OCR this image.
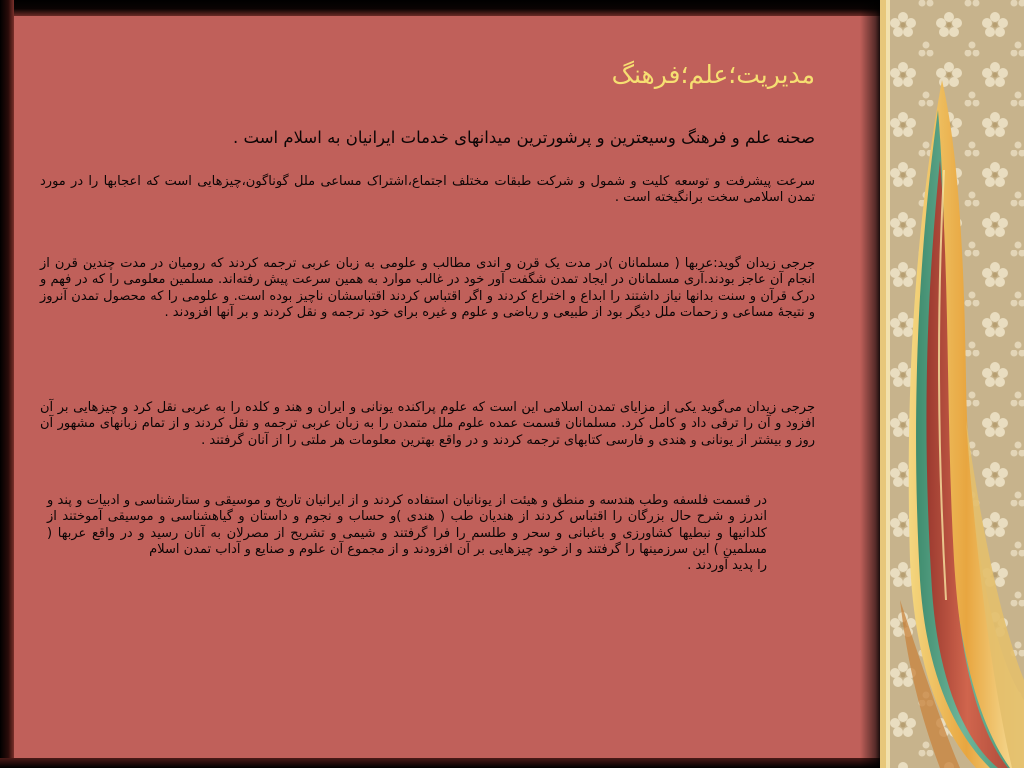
مدیریت؛علم؛فرهنگ

صحنه علم و فرهنگ وسیعترین و پرشورترین میدانهای خدمات ایرانیان به اسلام است .

سرعت پیشرفت و توسعه کلیت و شمول و شرکت طبقات مختلف اجتماع،اشتراک مساعی ملل گوناگون،چیزهایی است که اعجابها را در مورد تمدن اسلامی سخت برانگیخته است .

جرجی زیدان گوید:عربها ( مسلمانان )در مدت یک قرن و اندی مطالب و علومی به زبان عربی ترجمه کردند که رومیان در مدت چندین قرن از انجام آن عاجز بودند.آری مسلمانان در ایجاد تمدن شگفت آور خود در غالب موارد به همین سرعت پیش رفته‌اند. مسلمین معلومی را که در فهم و درک قرآن و سنت بدانها نیاز داشتند را ابداع و اختراع کردند و اگر اقتباس کردند اقتباسشان ناچیز بوده است. و علومی را که محصول تمدن آنروز و نتیجهٔ مساعی و زحمات ملل دیگر بود از طبیعی و ریاضی و علوم و غیره برای خود ترجمه و نقل کردند و بر آنها افزودند .

جرجی زیدان می‌گوید یکی از مزایای تمدن اسلامی این است که علوم پراکنده یونانی و ایران و هند و کلده را به عربی نقل کرد و چیزهایی بر آن افزود و آن را ترقی داد و کامل کرد. مسلمانان قسمت عمده علوم ملل متمدن را به زبان عربی ترجمه و نقل کردند و از تمام زبانهای مشهور آن روز و بیشتر از یونانی و هندی و فارسی کتابهای ترجمه کردند و در واقع بهترین معلومات هر ملتی را از آنان گرفتند .

در قسمت فلسفه وطب هندسه و منطق و هیئت از یونانیان استفاده کردند و از ایرانیان تاریخ و موسیقی و ستارشناسی و ادبیات و پند و اندرز و شرح حال بزرگان را اقتباس کردند از هندیان طب ( هندی )و حساب و نجوم و داستان و گیاهشناسی و موسیقی آموختند از کلدانیها و نبطیها کشاورزی و باغبانی و سحر و طلسم را فرا گرفتند و شیمی و تشریح از مصرلان به آنان رسید و در واقع عربها ( مسلمین ) این سرزمینها را گرفتند و از خود چیزهایی بر آن افزودند و از مجموع آن علوم و صنایع و آداب تمدن اسلام
را پدید آوردند .
